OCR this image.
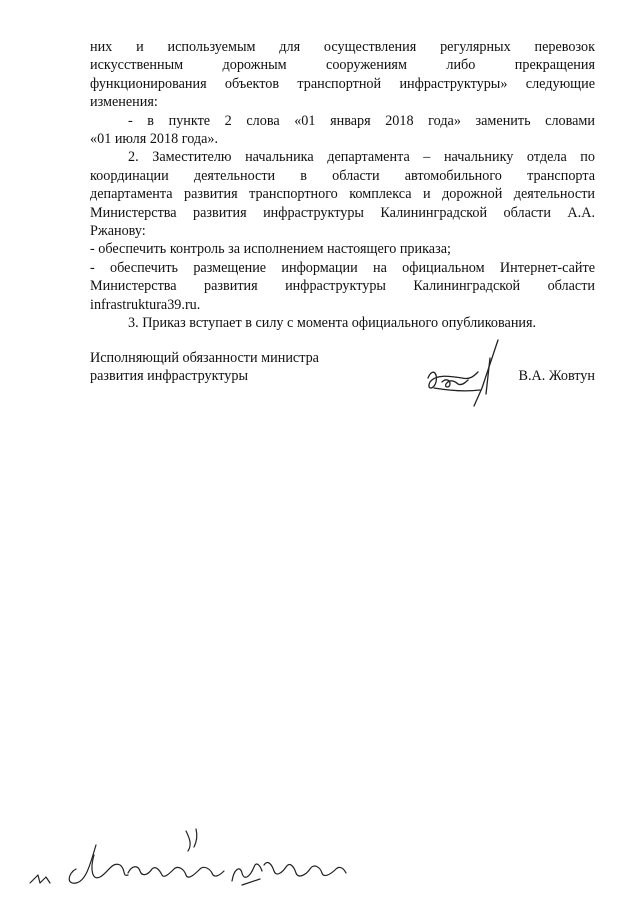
них и используемым для осуществления регулярных перевозок

искусственным дорожным сооружениям либо прекращения

функционирования объектов транспортной инфраструктуры» следующие

изменения:

- в пункте 2 слова «01 января 2018 года» заменить словами

«01 июля 2018 года».

2. Заместителю начальника департамента – начальнику отдела по

координации деятельности в области автомобильного транспорта

департамента развития транспортного комплекса и дорожной деятельности

Министерства развития инфраструктуры Калининградской области А.А.

Ржанову:

- обеспечить контроль за исполнением настоящего приказа;

- обеспечить размещение информации на официальном Интернет-сайте

Министерства развития инфраструктуры Калининградской области

infrastruktura39.ru.

3. Приказ вступает в силу с момента официального опубликования.

Исполняющий обязанности министра
развития инфраструктуры	В.А. Жовтун
